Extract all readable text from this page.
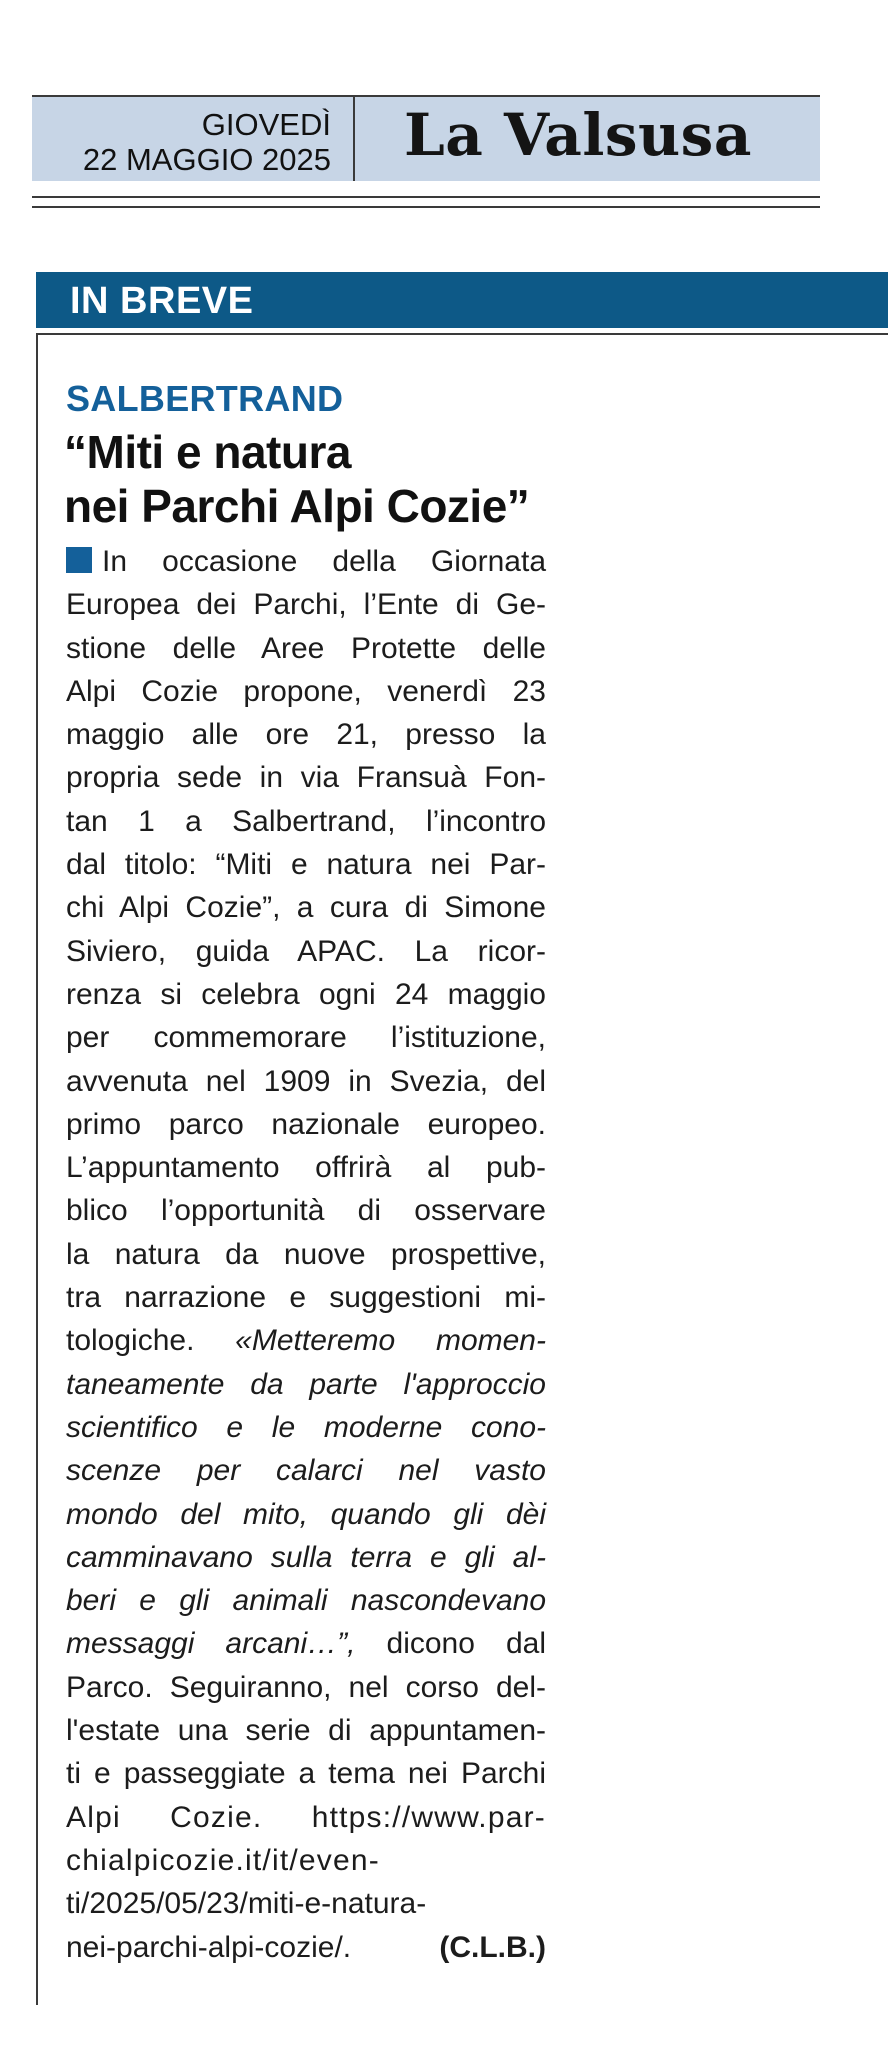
GIOVEDÌ
22 MAGGIO 2025 La Valsusa
IN BREVE
SALBERTRAND
“Miti e natura
nei Parchi Alpi Cozie”
In occasione della Giornata
Europea dei Parchi, l’Ente di Ge-
stione delle Aree Protette delle
Alpi Cozie propone, venerdì 23
maggio alle ore 21, presso la
propria sede in via Fransuà Fon-
tan 1 a Salbertrand, l’incontro
dal titolo: “Miti e natura nei Par-
chi Alpi Cozie”, a cura di Simone
Siviero, guida APAC. La ricor-
renza si celebra ogni 24 maggio
per commemorare l’istituzione,
avvenuta nel 1909 in Svezia, del
primo parco nazionale europeo.
L’appuntamento offrirà al pub-
blico l’opportunità di osservare
la natura da nuove prospettive,
tra narrazione e suggestioni mi-
tologiche. «Metteremo momen-
taneamente da parte l'approccio
scientifico e le moderne cono-
scenze per calarci nel vasto
mondo del mito, quando gli dèi
camminavano sulla terra e gli al-
beri e gli animali nascondevano
messaggi arcani…”, dicono dal
Parco. Seguiranno, nel corso del-
l'estate una serie di appuntamen-
ti e passeggiate a tema nei Parchi
Alpi Cozie. https://www.par-
chialpicozie.it/it/even-
ti/2025/05/23/miti-e-natura-
nei-parchi-alpi-cozie/.	(C.L.B.)
